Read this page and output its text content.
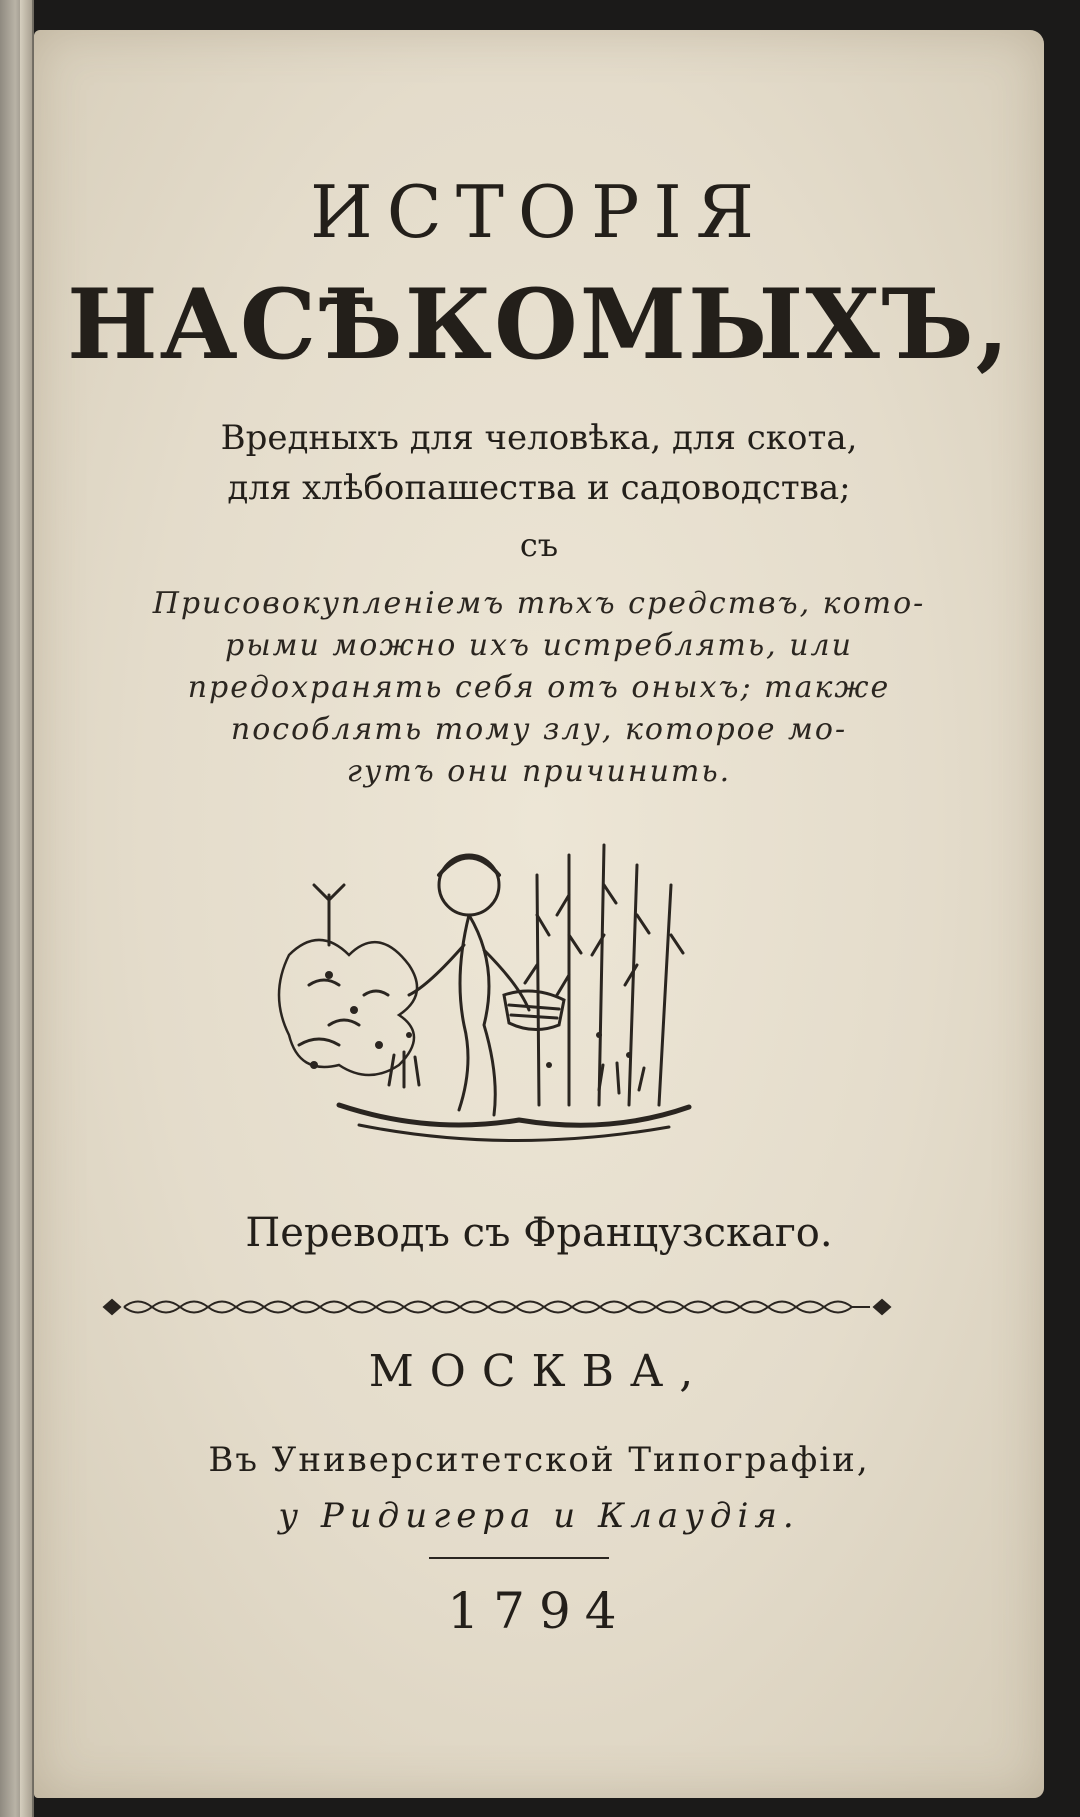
ИСТОРІЯ
НАСѢКОМЫХЪ,
Вредныхъ для человѣка, для скота,
для хлѣбопашества и садоводства;
съ
Присовокупленіемъ тѣхъ средствъ, кото-
рыми можно ихъ истреблять, или
предохранять себя отъ оныхъ; также
пособлять тому злу, которое мо-
гутъ они причинить.
Переводъ съ Французскаго.
МОСКВА,
Въ Университетской Типографіи,
у Ридигера и Клаудія.
1794
